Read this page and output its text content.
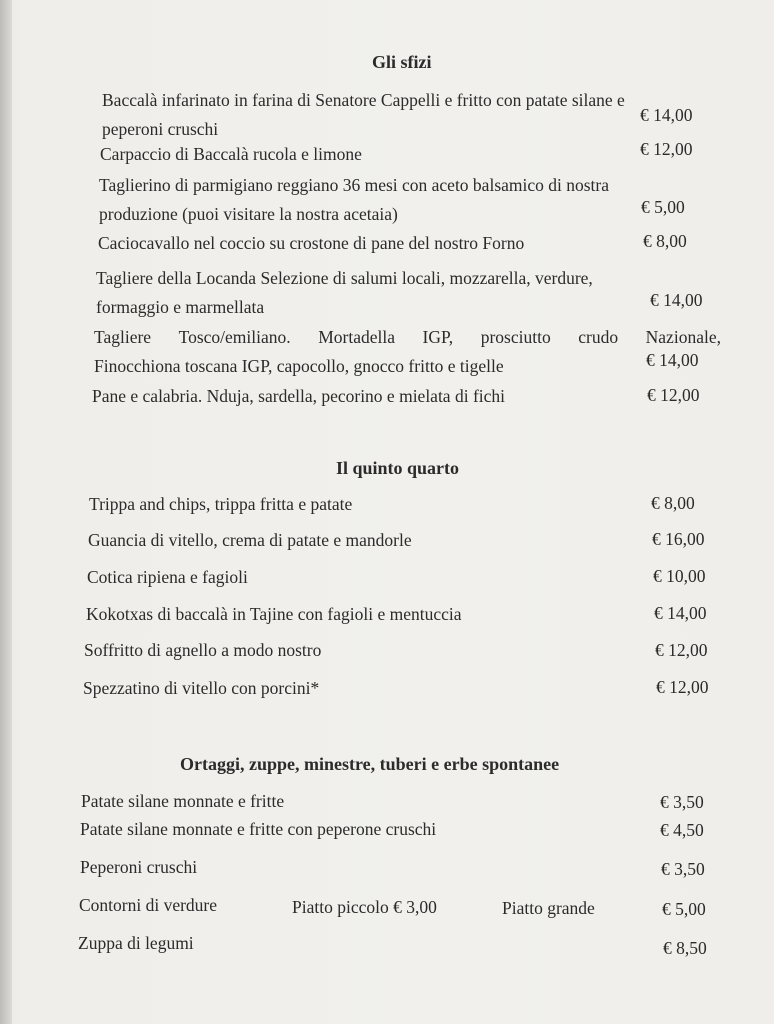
Gli sfizi
Baccalà infarinato in farina di Senatore Cappelli e fritto con patate silane e
peperoni cruschi
€ 14,00
Carpaccio di Baccalà rucola e limone	€ 12,00
Taglierino di parmigiano reggiano 36 mesi con aceto balsamico di nostra
produzione (puoi visitare la nostra acetaia)	€ 5,00
Caciocavallo nel coccio su crostone di pane del nostro Forno	€ 8,00
Tagliere della Locanda Selezione di salumi locali, mozzarella, verdure,
formaggio e marmellata	€ 14,00
Tagliere Tosco/emiliano. Mortadella IGP, prosciutto crudo Nazionale,
Finocchiona toscana IGP, capocollo, gnocco fritto e tigelle	€ 14,00
Pane e calabria. Nduja, sardella, pecorino e mielata di fichi	€ 12,00
Il quinto quarto
Trippa and chips, trippa fritta e patate	€ 8,00
Guancia di vitello, crema di patate e mandorle	€ 16,00
Cotica ripiena e fagioli	€ 10,00
Kokotxas di baccalà in Tajine con fagioli e mentuccia	€ 14,00
Soffritto di agnello a modo nostro	€ 12,00
Spezzatino di vitello con porcini*	€ 12,00
Ortaggi, zuppe, minestre, tuberi e erbe spontanee
Patate silane monnate e fritte	€ 3,50
Patate silane monnate e fritte con peperone cruschi	€ 4,50
Peperoni cruschi	€ 3,50
Contorni di verdure	Piatto piccolo € 3,00	Piatto grande	€ 5,00
Zuppa di legumi	€ 8,50
